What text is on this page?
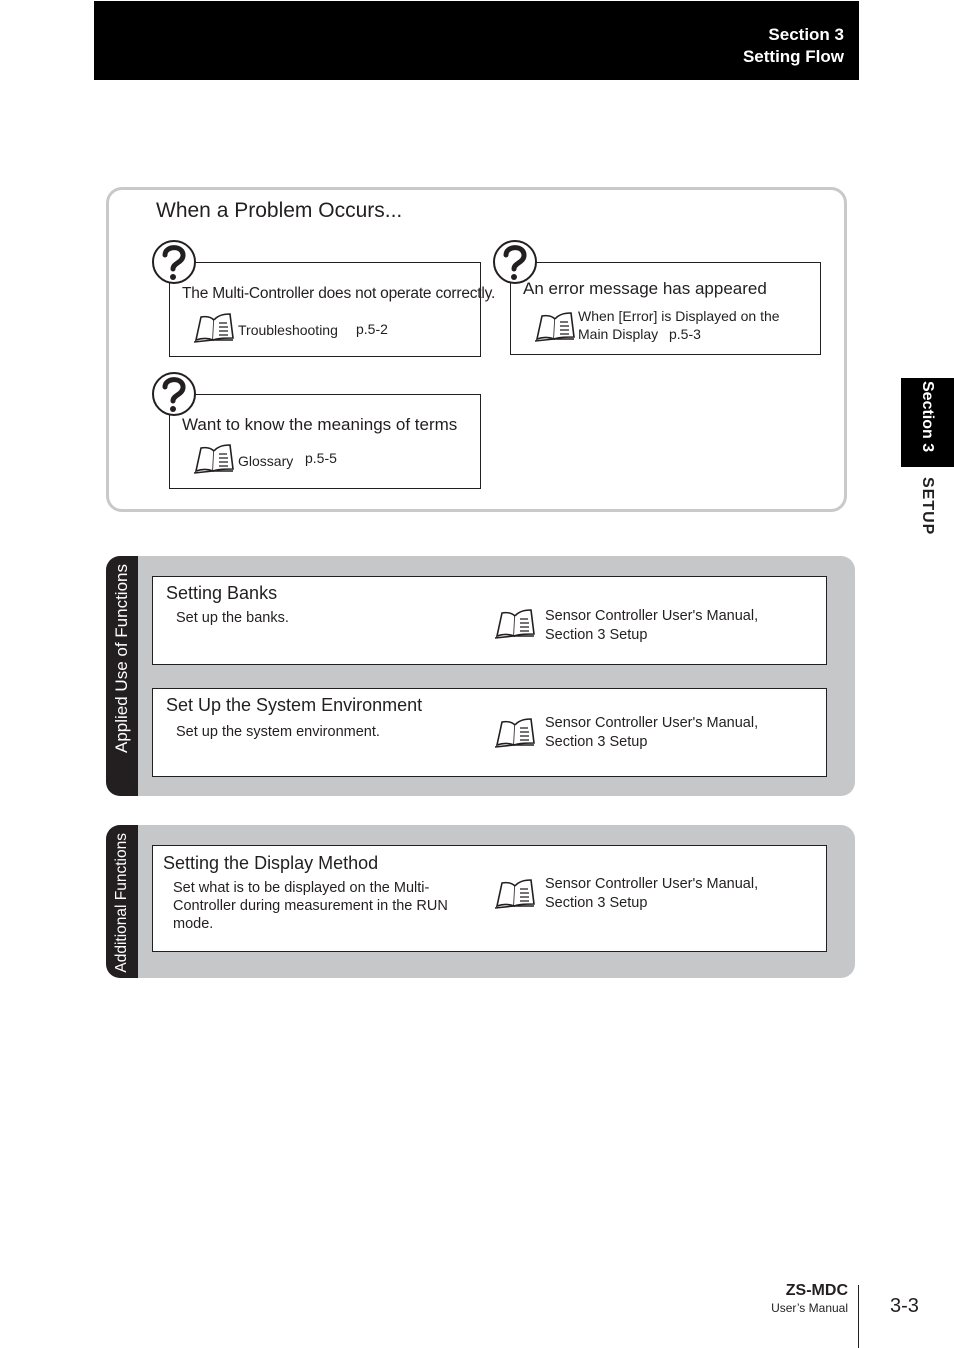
Section 3
Setting Flow
Section 3
SETUP
When a Problem Occurs...
The Multi-Controller does not operate correctly.
Troubleshooting p.5-2
An error message has appeared
When [Error] is Displayed on the
Main Display p.5-3
Want to know the meanings of terms
Glossary p.5-5
Applied Use of Functions Setting Banks
Set up the banks.	Sensor Controller User's Manual,
Section 3 Setup
Set Up the System Environment
Set up the system environment.
Sensor Controller User's Manual,
Section 3 Setup
Additional Functions Setting the Display Method
Set what is to be displayed on the Multi-
Controller during measurement in the RUN
mode.
Sensor Controller User's Manual,
Section 3 Setup
ZS-MDC
User’s Manual 3-3
